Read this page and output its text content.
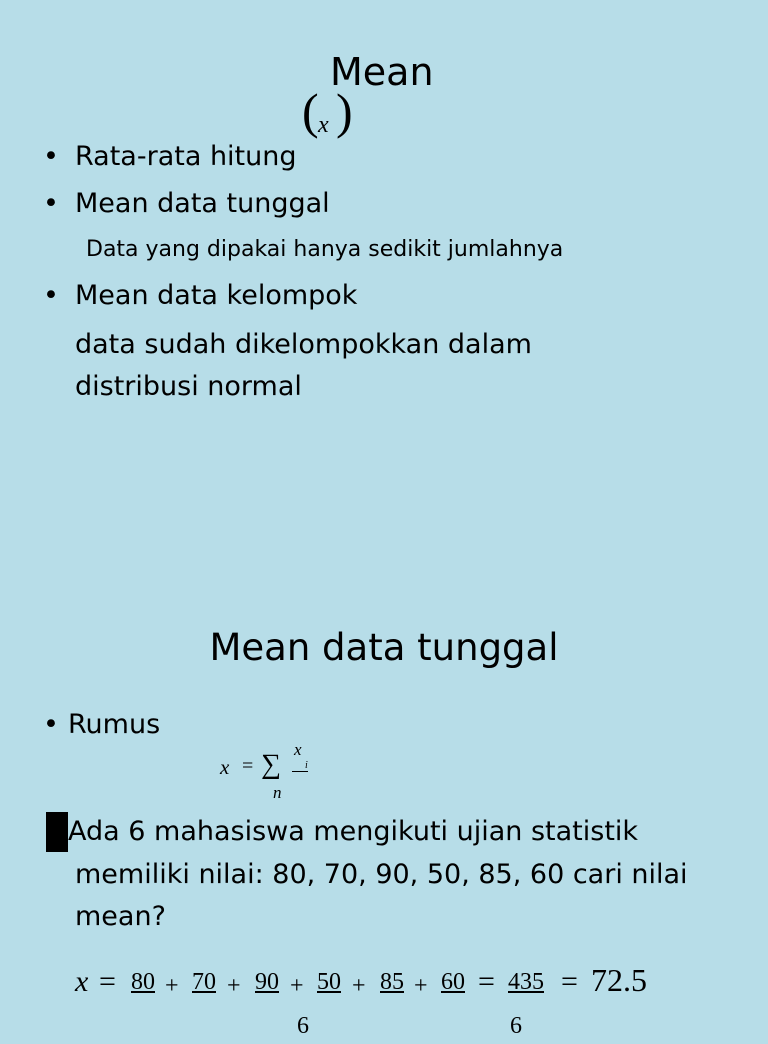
Mean
( x )
• Rata-rata hitung
• Mean data tunggal
Data yang dipakai hanya sedikit jumlahnya
• Mean data kelompok
data sudah dikelompokkan dalam
distribusi normal
Mean data tunggal
• Rumus
x = ∑ x
i
n
Ada 6 mahasiswa mengikuti ujian statistik
memiliki nilai: 80, 70, 90, 50, 85, 60 cari nilai
mean?
x = 80 + 70 + 90 + 50 + 85 + 60
6
= 435
6
= 72.5
